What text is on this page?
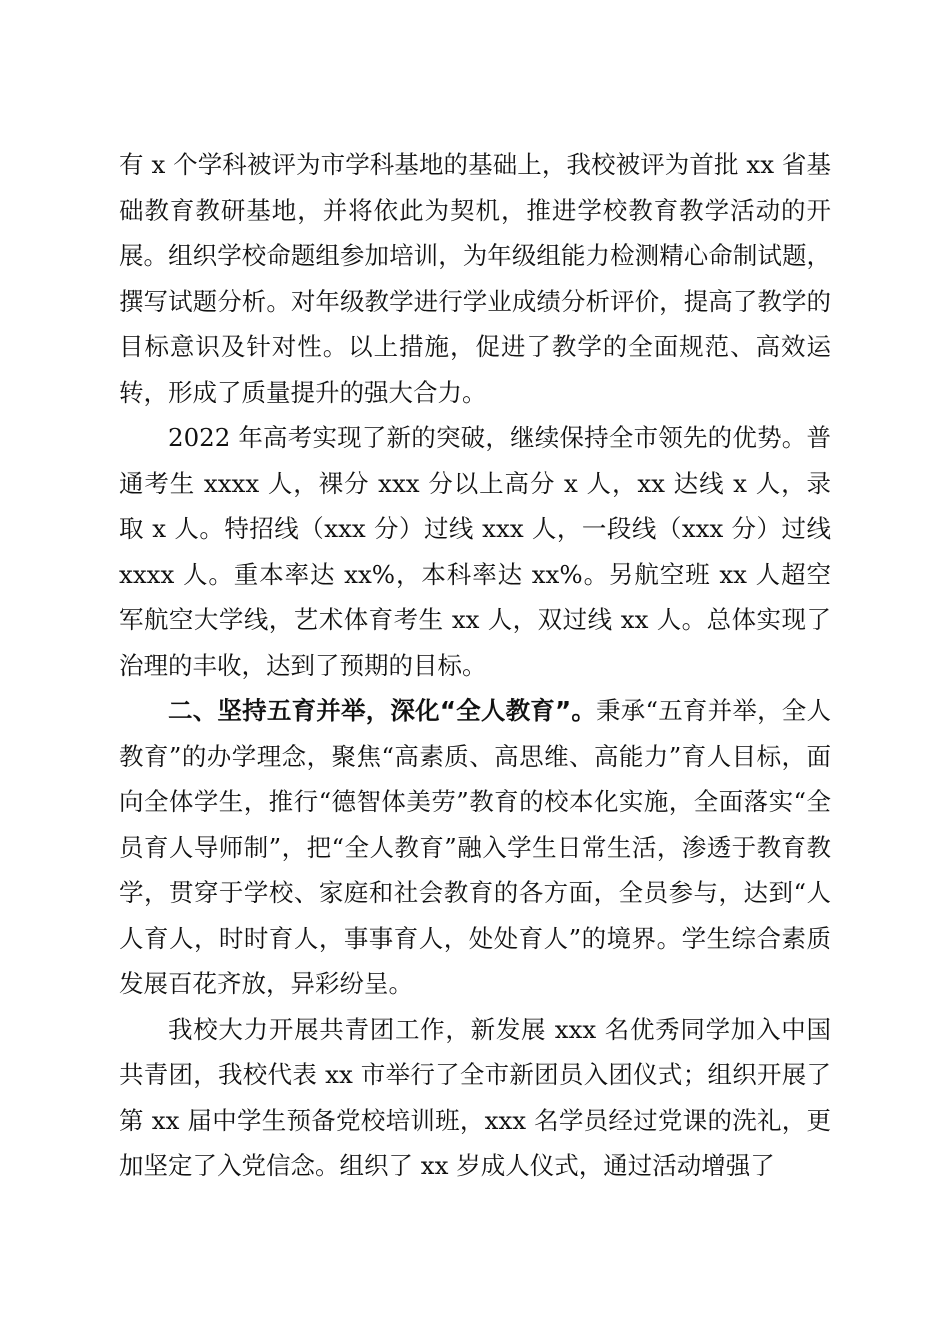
有 x 个学科被评为市学科基地的基础上，我校被评为首批 xx 省基础教育教研基地，并将依此为契机，推进学校教育教学活动的开展。组织学校命题组参加培训，为年级组能力检测精心命制试题，撰写试题分析。对年级教学进行学业成绩分析评价，提高了教学的目标意识及针对性。以上措施，促进了教学的全面规范、高效运转，形成了质量提升的强大合力。

2022 年高考实现了新的突破，继续保持全市领先的优势。普通考生 xxxx 人，裸分 xxx 分以上高分 x 人，xx 达线 x 人，录取 x 人。特招线（xxx 分）过线 xxx 人，一段线（xxx 分）过线 xxxx 人。重本率达 xx%，本科率达 xx%。另航空班 xx 人超空军航空大学线，艺术体育考生 xx 人，双过线 xx 人。总体实现了治理的丰收，达到了预期的目标。

二、坚持五育并举，深化“全人教育”。秉承“五育并举，全人教育”的办学理念，聚焦“高素质、高思维、高能力”育人目标，面向全体学生，推行“德智体美劳”教育的校本化实施，全面落实“全员育人导师制”，把“全人教育”融入学生日常生活，渗透于教育教学，贯穿于学校、家庭和社会教育的各方面，全员参与，达到“人人育人，时时育人，事事育人，处处育人”的境界。学生综合素质发展百花齐放，异彩纷呈。

我校大力开展共青团工作，新发展 xxx 名优秀同学加入中国共青团，我校代表 xx 市举行了全市新团员入团仪式；组织开展了第 xx 届中学生预备党校培训班，xxx 名学员经过党课的洗礼，更加坚定了入党信念。组织了 xx 岁成人仪式，通过活动增强了
